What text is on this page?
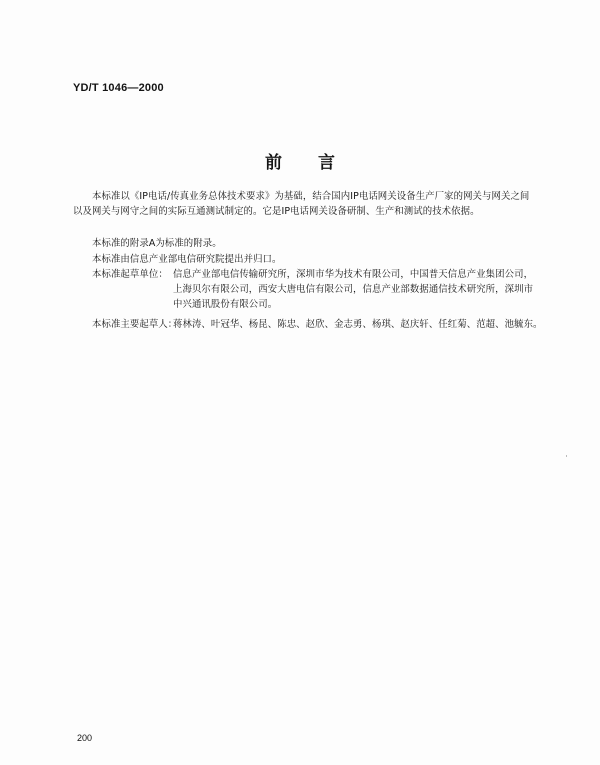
YD/T 1046—2000
前言
本标准以《IP电话/传真业务总体技术要求》为基础，结合国内IP电话网关设备生产厂家的网关与网关之间以及网关与网守之间的实际互通测试制定的。它是IP电话网关设备研制、生产和测试的技术依据。
本标准的附录A为标准的附录。
本标准由信息产业部电信研究院提出并归口。
本标准起草单位： 信息产业部电信传输研究所，深圳市华为技术有限公司，中国普天信息产业集团公司，上海贝尔有限公司，西安大唐电信有限公司，信息产业部数据通信技术研究所，深圳市中兴通讯股份有限公司。
本标准主要起草人：
蒋林涛、叶冠华、杨昆、陈忠、赵欣、金志勇、杨琪、赵庆轩、任红菊、范超、池毓东。
200
